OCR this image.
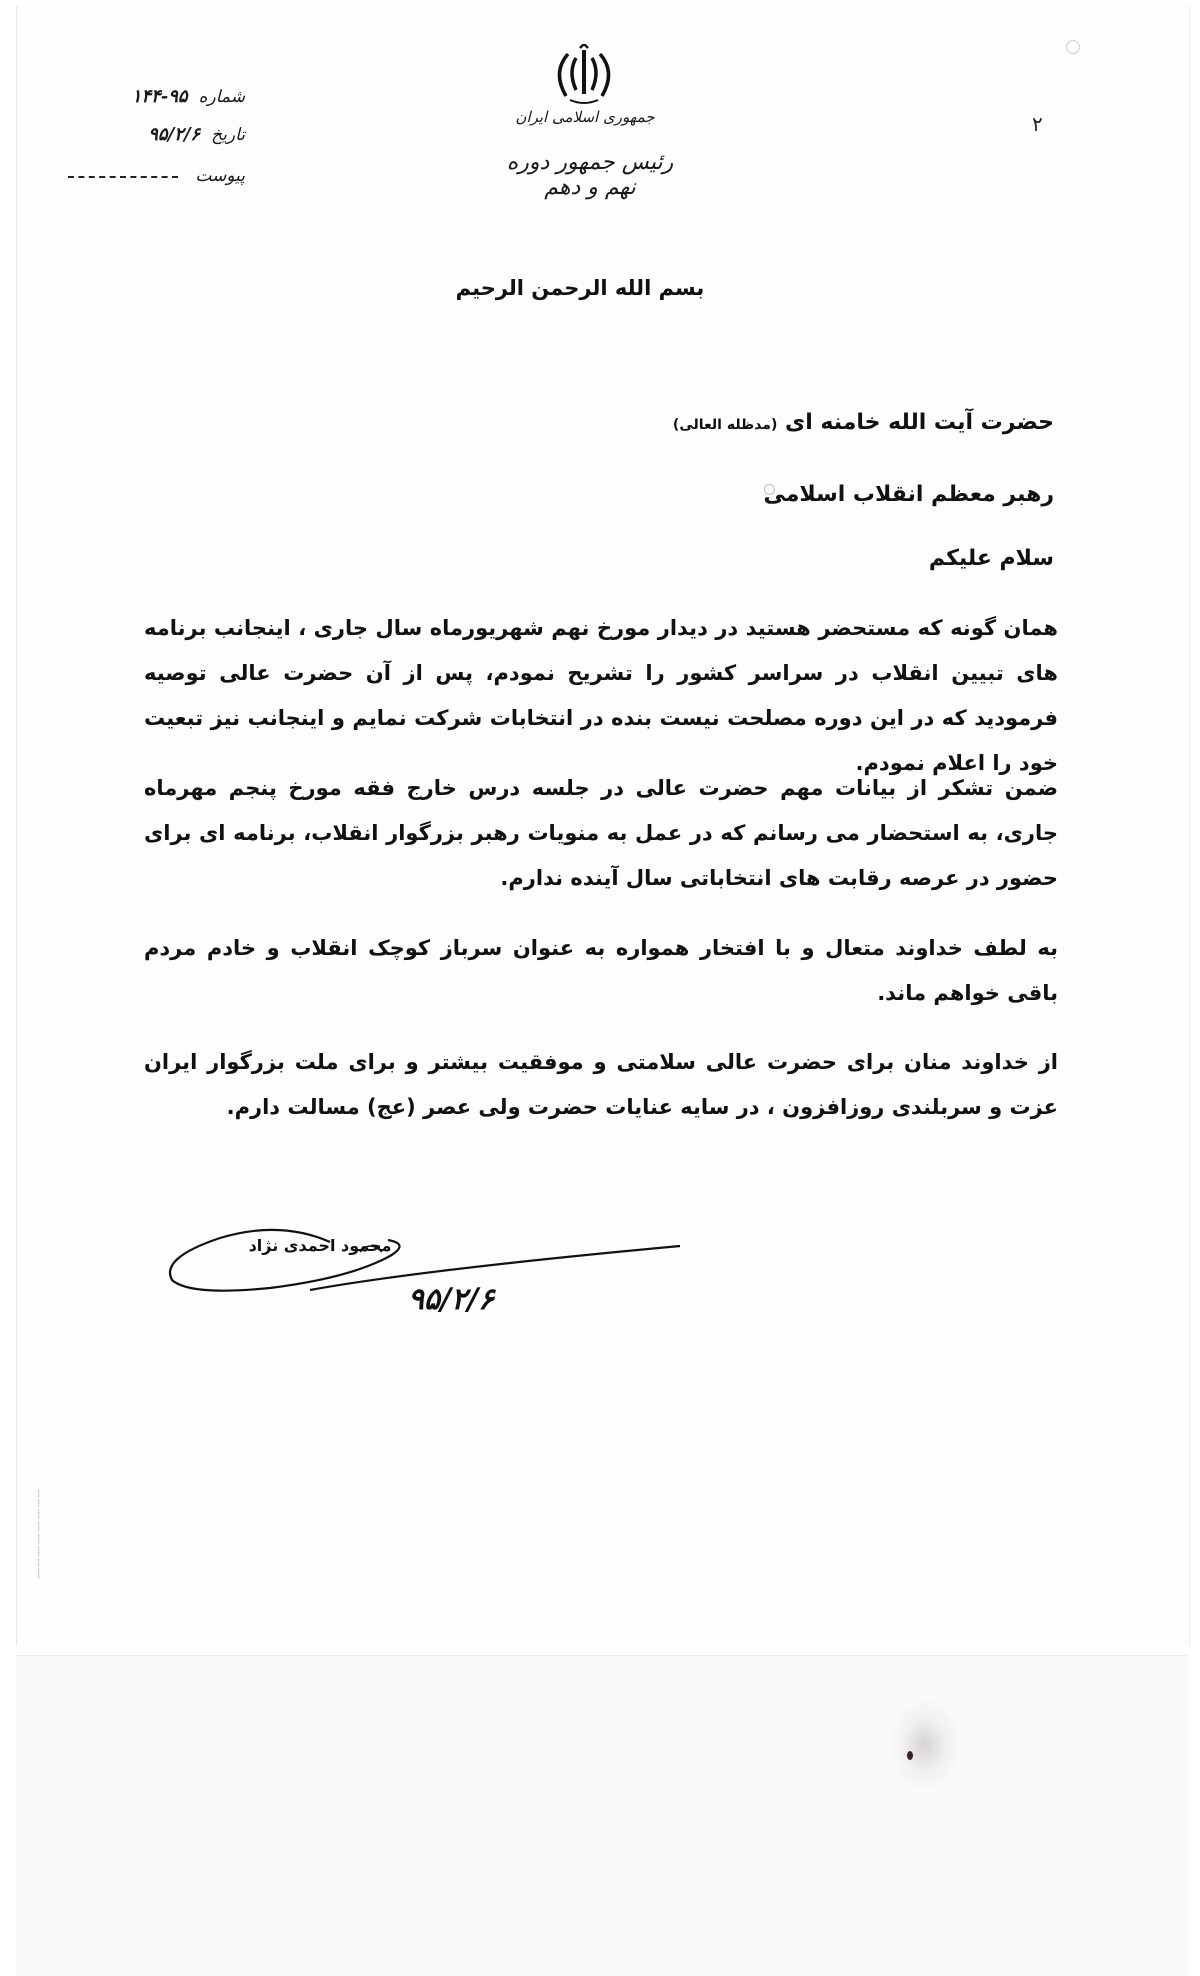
۲
جمهوری اسلامی ایران
رئیس جمهور دوره نهم و دهم
شماره ۹۵-۱۴۴
تاریخ ۹۵/۲/۶
پیوست
بسم الله الرحمن الرحیم
حضرت آیت الله خامنه ای (مدظله العالی)
رهبر معظم انقلاب اسلامی
سلام علیکم
همان گونه که مستحضر هستید در دیدار مورخ نهم شهریورماه سال جاری ، اینجانب برنامه های تبیین انقلاب در سراسر کشور را تشریح نمودم، پس از آن حضرت عالی توصیه فرمودید که در این دوره مصلحت نیست بنده در انتخابات شرکت نمایم و اینجانب نیز تبعیت خود را اعلام نمودم.
ضمن تشکر از بیانات مهم حضرت عالی در جلسه درس خارج فقه مورخ پنجم مهرماه جاری، به استحضار می رسانم که در عمل به منویات رهبر بزرگوار انقلاب، برنامه ای برای حضور در عرصه رقابت های انتخاباتی سال آینده ندارم.
به لطف خداوند متعال و با افتخار همواره به عنوان سرباز کوچک انقلاب و خادم مردم باقی خواهم ماند.
از خداوند منان برای حضرت عالی سلامتی و موفقیت بیشتر و برای ملت بزرگوار ایران عزت و سربلندی روزافزون ، در سایه عنایات حضرت ولی عصر (عج) مسالت دارم.
محمود احمدی نژاد
۹۵/۲/۶
--- --- ---- ---- ---- ---- --- ----
